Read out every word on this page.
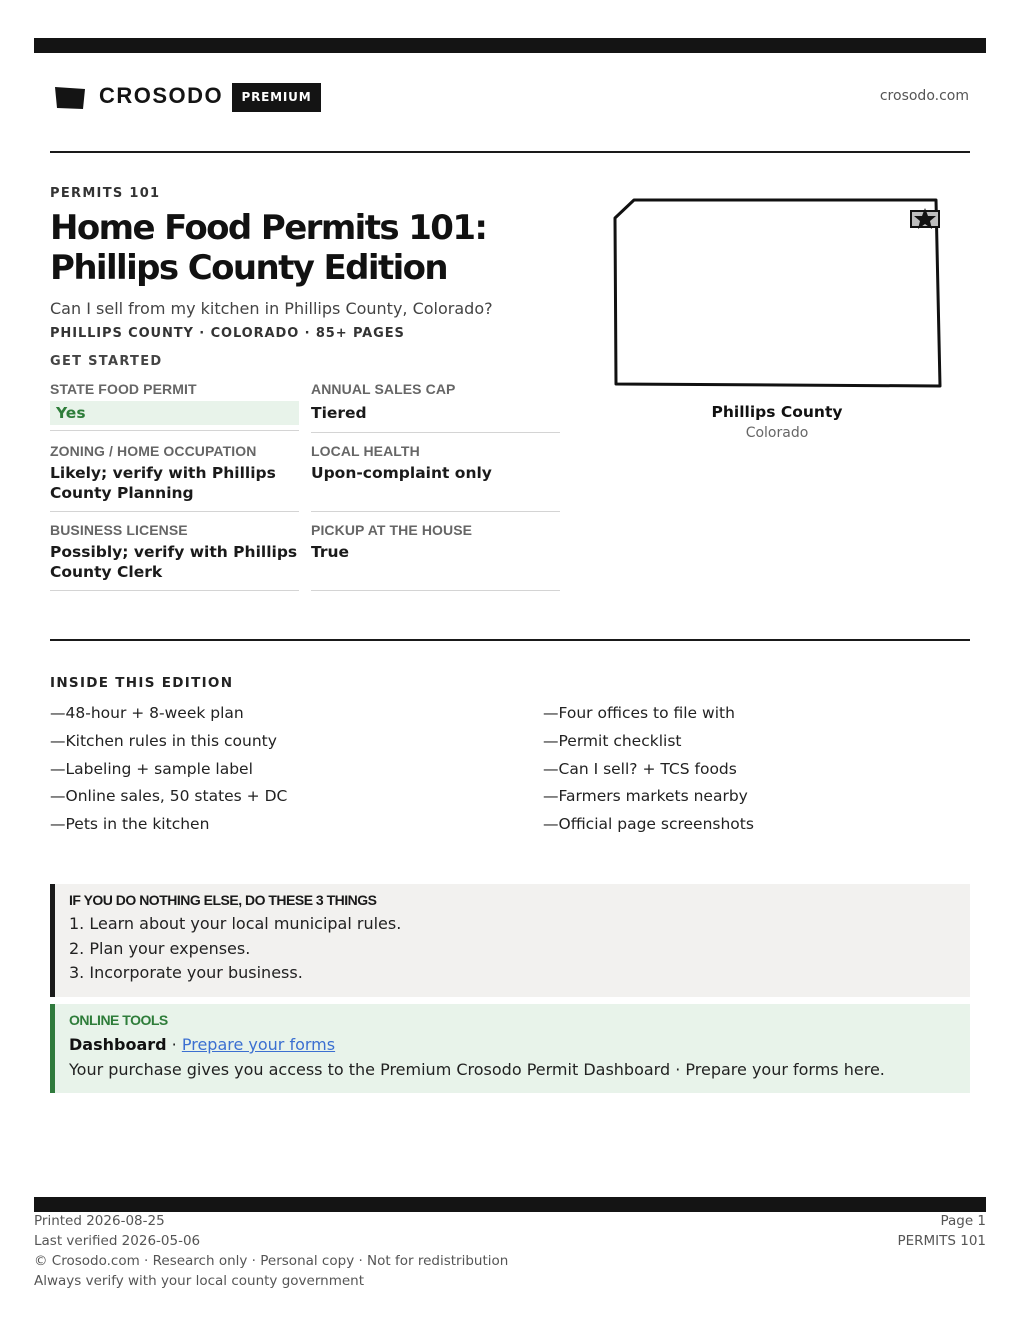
CROSODO	PREMIUM	crosodo.com
PERMITS 101
Home Food Permits 101: Phillips County Edition
Can I sell from my kitchen in Phillips County, Colorado?
PHILLIPS COUNTY · COLORADO · 85+ PAGES
GET STARTED
STATE FOOD PERMIT
Yes
ANNUAL SALES CAP
Tiered
ZONING / HOME OCCUPATION
Likely; verify with Phillips County Planning
LOCAL HEALTH
Upon-complaint only
BUSINESS LICENSE
Possibly; verify with Phillips County Clerk
PICKUP AT THE HOUSE
True
Phillips County
Colorado
INSIDE THIS EDITION
—48-hour + 8-week plan
—Kitchen rules in this county
—Labeling + sample label
—Online sales, 50 states + DC
—Pets in the kitchen
—Four offices to file with
—Permit checklist
—Can I sell? + TCS foods
—Farmers markets nearby
—Official page screenshots
IF YOU DO NOTHING ELSE, DO THESE 3 THINGS
1. Learn about your local municipal rules.
2. Plan your expenses.
3. Incorporate your business.
ONLINE TOOLS
Dashboard · Prepare your forms
Your purchase gives you access to the Premium Crosodo Permit Dashboard · Prepare your forms here.
Printed 2026-08-25
Last verified 2026-05-06
© Crosodo.com · Research only · Personal copy · Not for redistribution
Always verify with your local county government
Page 1
PERMITS 101
